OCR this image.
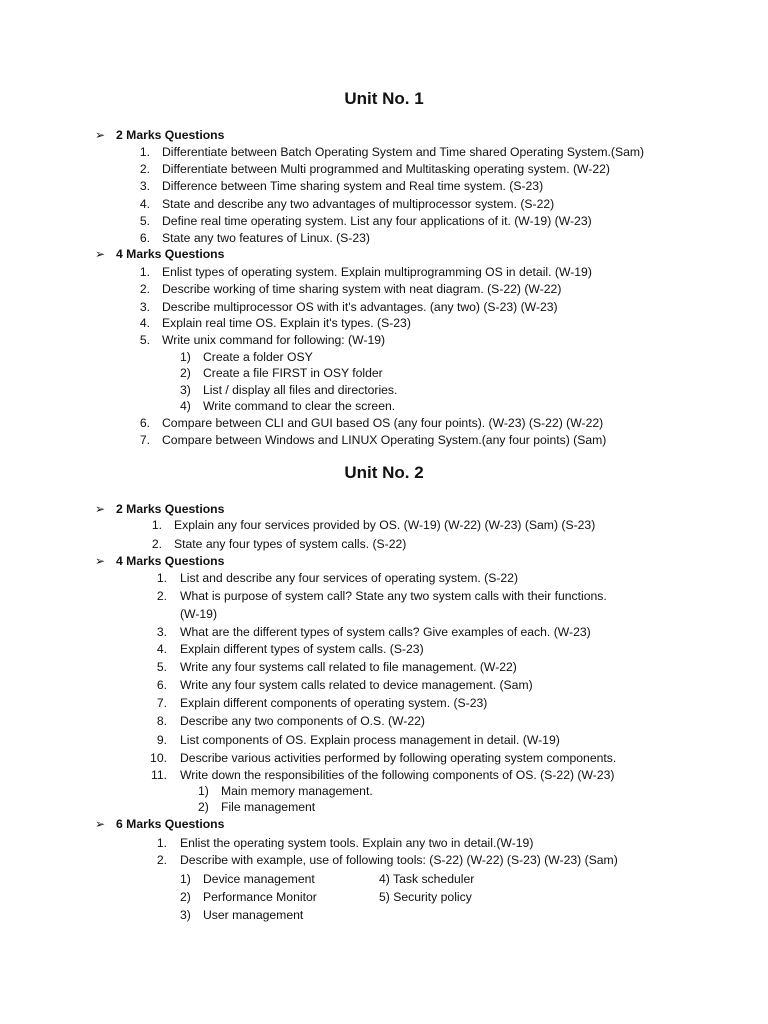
Unit No. 1
➢ 2 Marks Questions
1. Differentiate between Batch Operating System and Time shared Operating System.(Sam)
2. Differentiate between Multi programmed and Multitasking operating system. (W-22)
3. Difference between Time sharing system and Real time system. (S-23)
4. State and describe any two advantages of multiprocessor system. (S-22)
5. Define real time operating system. List any four applications of it. (W-19) (W-23)
6. State any two features of Linux. (S-23)
➢ 4 Marks Questions
1. Enlist types of operating system. Explain multiprogramming OS in detail. (W-19)
2. Describe working of time sharing system with neat diagram. (S-22) (W-22)
3. Describe multiprocessor OS with it's advantages. (any two) (S-23) (W-23)
4. Explain real time OS. Explain it's types. (S-23)
5. Write unix command for following: (W-19)
1) Create a folder OSY
2) Create a file FIRST in OSY folder
3) List / display all files and directories.
4) Write command to clear the screen.
6. Compare between CLI and GUI based OS (any four points). (W-23) (S-22) (W-22)
7. Compare between Windows and LINUX Operating System.(any four points) (Sam)
Unit No. 2
➢ 2 Marks Questions
1. Explain any four services provided by OS. (W-19) (W-22) (W-23) (Sam) (S-23)
2. State any four types of system calls. (S-22)
➢ 4 Marks Questions
1. List and describe any four services of operating system. (S-22)
2. What is purpose of system call? State any two system calls with their functions.
(W-19)
3. What are the different types of system calls? Give examples of each. (W-23)
4. Explain different types of system calls. (S-23)
5. Write any four systems call related to file management. (W-22)
6. Write any four system calls related to device management. (Sam)
7. Explain different components of operating system. (S-23)
8. Describe any two components of O.S. (W-22)
9. List components of OS. Explain process management in detail. (W-19)
10. Describe various activities performed by following operating system components.
11. Write down the responsibilities of the following components of OS. (S-22) (W-23)
1) Main memory management.
2) File management
➢ 6 Marks Questions
1. Enlist the operating system tools. Explain any two in detail.(W-19)
2. Describe with example, use of following tools: (S-22) (W-22) (S-23) (W-23) (Sam)
1) Device management	4) Task scheduler
2) Performance Monitor	5) Security policy
3) User management
